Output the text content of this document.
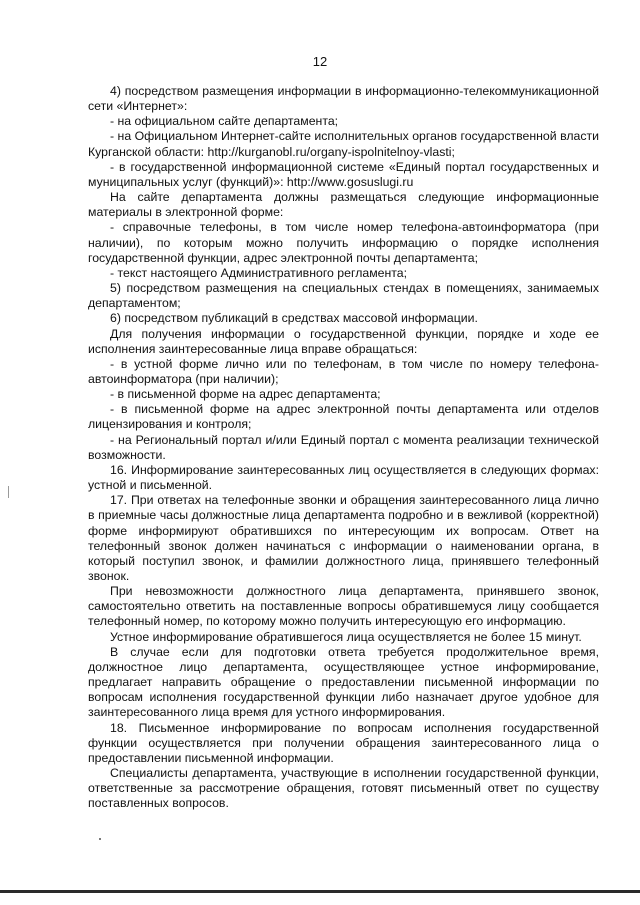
12

4) посредством размещения информации в информационно-телекоммуникационной сети «Интернет»:

- на официальном сайте департамента;

- на Официальном Интернет-сайте исполнительных органов государственной власти Курганской области: http://kurganobl.ru/organy-ispolnitelnoy-vlasti;

- в государственной информационной системе «Единый портал государственных и муниципальных услуг (функций)»: http://www.gosuslugi.ru

На сайте департамента должны размещаться следующие информационные материалы в электронной форме:

- справочные телефоны, в том числе номер телефона-автоинформатора (при наличии), по которым можно получить информацию о порядке исполнения государственной функции, адрес электронной почты департамента;

- текст настоящего Административного регламента;

5) посредством размещения на специальных стендах в помещениях, занимаемых департаментом;

6) посредством публикаций в средствах массовой информации.

Для получения информации о государственной функции, порядке и ходе ее исполнения заинтересованные лица вправе обращаться:

- в устной форме лично или по телефонам, в том числе по номеру телефона-автоинформатора (при наличии);

- в письменной форме на адрес департамента;

- в письменной форме на адрес электронной почты департамента или отделов лицензирования и контроля;

- на Региональный портал и/или Единый портал с момента реализации технической возможности.

16. Информирование заинтересованных лиц осуществляется в следующих формах: устной и письменной.

17. При ответах на телефонные звонки и обращения заинтересованного лица лично в приемные часы должностные лица департамента подробно и в вежливой (корректной) форме информируют обратившихся по интересующим их вопросам. Ответ на телефонный звонок должен начинаться с информации о наименовании органа, в который поступил звонок, и фамилии должностного лица, принявшего телефонный звонок.

При невозможности должностного лица департамента, принявшего звонок, самостоятельно ответить на поставленные вопросы обратившемуся лицу сообщается телефонный номер, по которому можно получить интересующую его информацию.

Устное информирование обратившегося лица осуществляется не более 15 минут.

В случае если для подготовки ответа требуется продолжительное время, должностное лицо департамента, осуществляющее устное информирование, предлагает направить обращение о предоставлении письменной информации по вопросам исполнения государственной функции либо назначает другое удобное для заинтересованного лица время для устного информирования.

18. Письменное информирование по вопросам исполнения государственной функции осуществляется при получении обращения заинтересованного лица о предоставлении письменной информации.

Специалисты департамента, участвующие в исполнении государственной функции, ответственные за рассмотрение обращения, готовят письменный ответ по существу поставленных вопросов.
